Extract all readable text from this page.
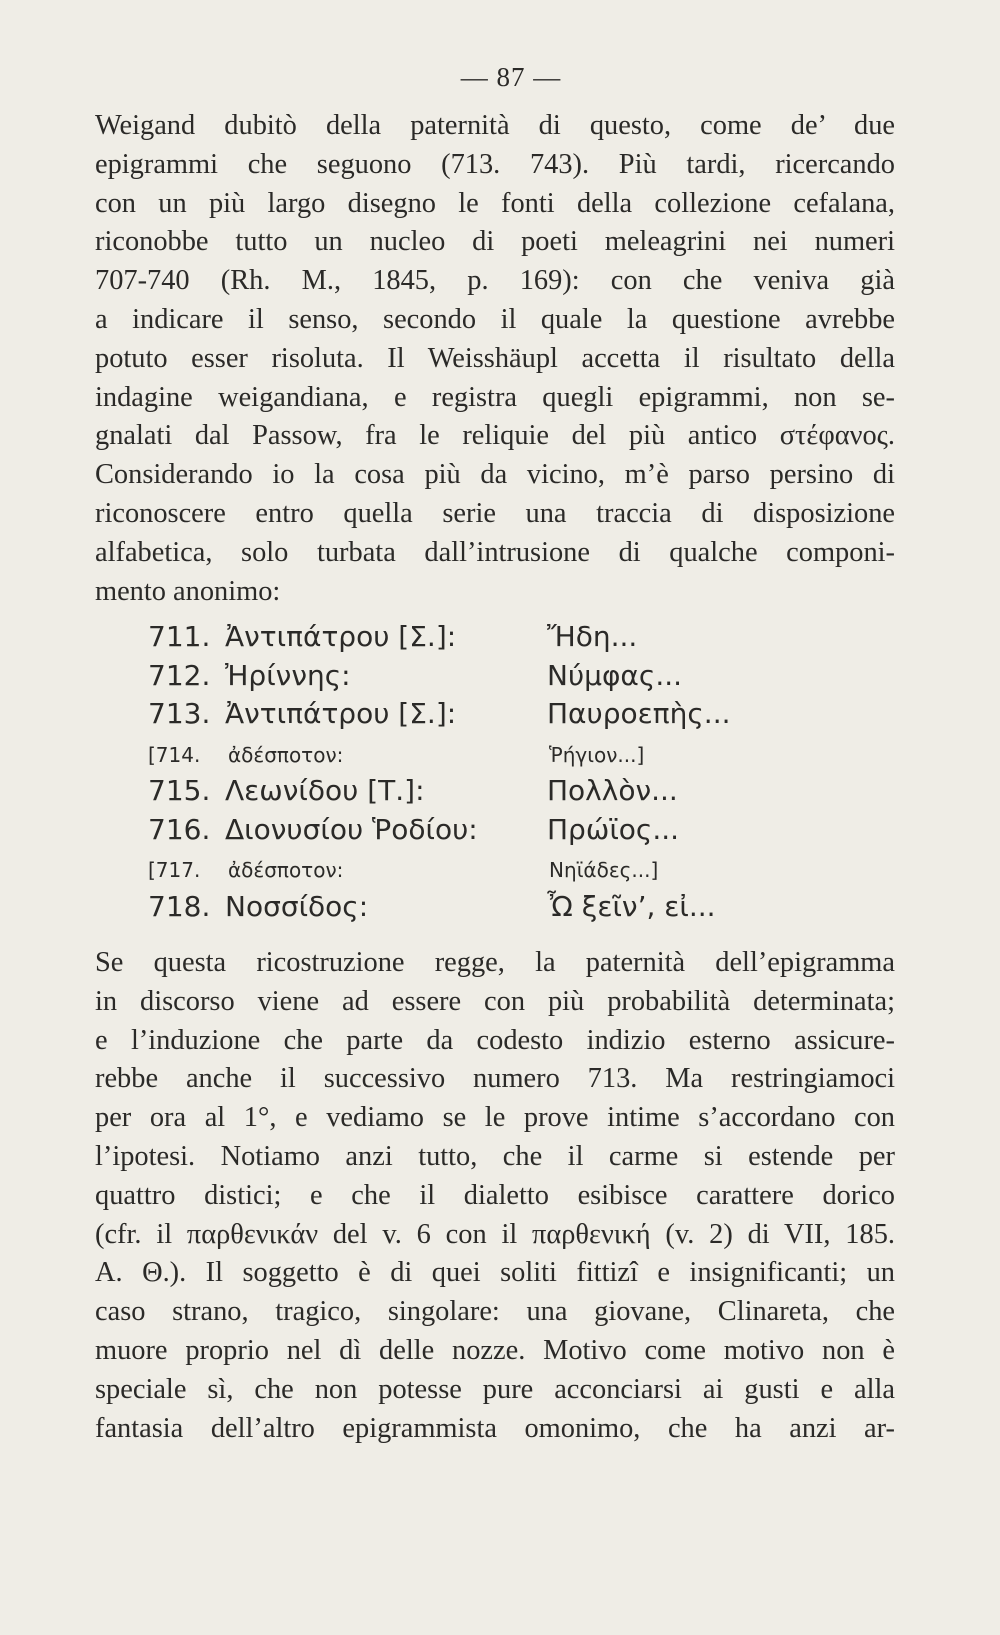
— 87 —
Weigand dubitò della paternità di questo, come de’ due
epigrammi che seguono (713. 743). Più tardi, ricercando
con un più largo disegno le fonti della collezione cefalana,
riconobbe tutto un nucleo di poeti meleagrini nei numeri
707-740 (Rh. M., 1845, p. 169): con che veniva già
a indicare il senso, secondo il quale la questione avrebbe
potuto esser risoluta. Il Weisshäupl accetta il risultato della
indagine weigandiana, e registra quegli epigrammi, non se-
gnalati dal Passow, fra le reliquie del più antico στέφανος.
Considerando io la cosa più da vicino, m’è parso persino di
riconoscere entro quella serie una traccia di disposizione
alfabetica, solo turbata dall’intrusione di qualche componi-
mento anonimo:
711. Ἀντιπάτρου [Σ.]:	Ἤδη...
712. Ἠρίννης:	Νύμφας...
713. Ἀντιπάτρου [Σ.]:	Παυροεπὴς...
[714. ἀδέσποτον:	Ῥήγιον...]
715. Λεωνίδου [Τ.]:	Πολλὸν...
716. Διονυσίου Ῥοδίου: Πρώϊος...
[717. ἀδέσποτον:	Νηϊάδες...]
718. Νοσσίδος:	Ὦ ξεῖν’, εἰ...
Se questa ricostruzione regge, la paternità dell’epigramma
in discorso viene ad essere con più probabilità determinata;
e l’induzione che parte da codesto indizio esterno assicure-
rebbe anche il successivo numero 713. Ma restringiamoci
per ora al 1°, e vediamo se le prove intime s’accordano con
l’ipotesi. Notiamo anzi tutto, che il carme si estende per
quattro distici; e che il dialetto esibisce carattere dorico
(cfr. il παρθενικάν del v. 6 con il παρθενική (v. 2) di VII, 185.
A. Θ.). Il soggetto è di quei soliti fittizî e insignificanti; un
caso strano, tragico, singolare: una giovane, Clinareta, che
muore proprio nel dì delle nozze. Motivo come motivo non è
speciale sì, che non potesse pure acconciarsi ai gusti e alla
fantasia dell’altro epigrammista omonimo, che ha anzi ar-
